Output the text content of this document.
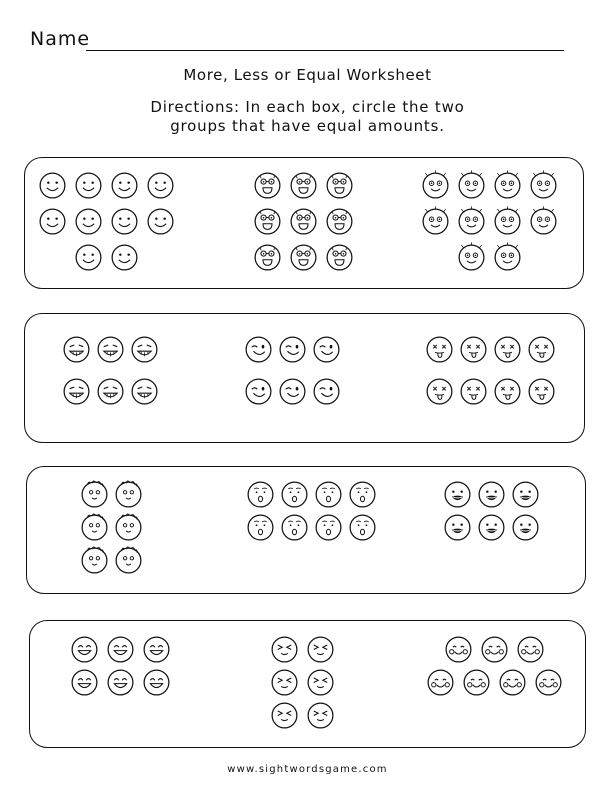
Name
More, Less or Equal Worksheet
Directions: In each box, circle the two
groups that have equal amounts.
www.sightwordsgame.com
